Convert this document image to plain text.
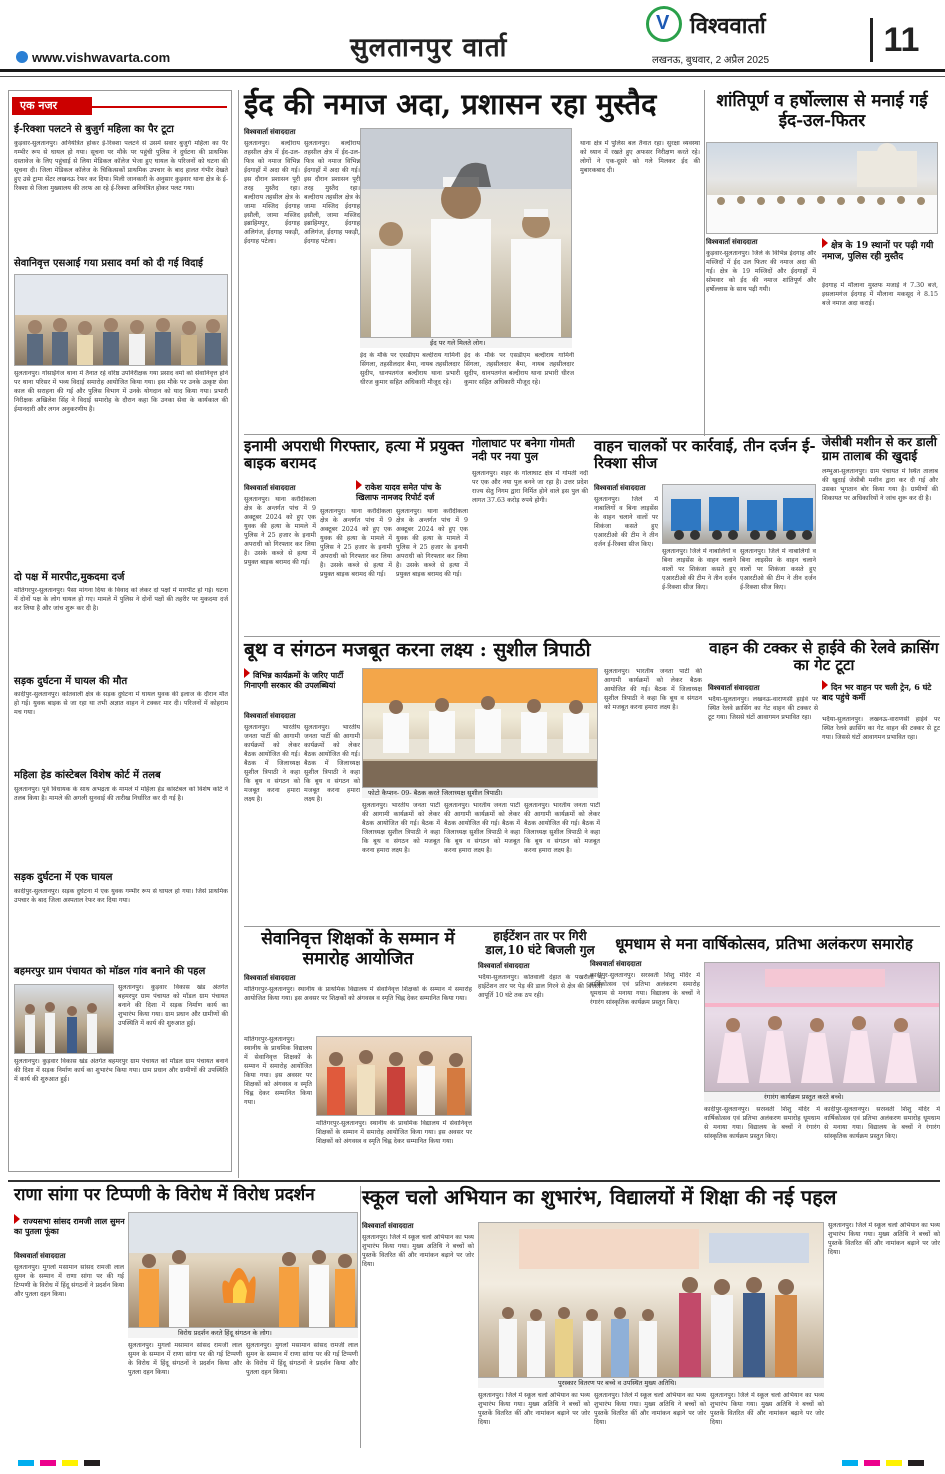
www.vishwavarta.com	सुलतानपुर वार्ता
V विश्ववार्ता
लखनऊ, बुधवार, 2 अप्रैल 2025
11
एक नजर
ई-रिक्शा पलटने से बुजुर्ग महिला का पैर टूटा
कुड़वार-सुलतानपुर। अनियंत्रित होकर ई-रिक्शा पलटने से उसमें सवार बुजुर्ग महिला का पैर गम्भीर रूप से घायल हो गया। सूचना पर मौके पर पहुंची पुलिस ने दुर्घटना की प्राथमिक दस्तावेज के लिए पहुंचाई से लिया मेडिकल कॉलेज भेजा हुए घायल के परिजनों को घटना की सूचना दी। जिला मेडिकल कॉलेज के चिकित्सकों प्राथमिक उपचार के बाद हालत गंभीर देखते हुए उसे ट्रामा सेंटर लखनऊ रेफर कर दिया। मिली जानकारी के अनुसार कुड़वार थाना क्षेत्र के ई-रिक्शा से जिला मुख्यालय की तरफ आ रहे ई-रिक्शा अनियंत्रित होकर पलट गया।
सेवानिवृत्त एसआई गया प्रसाद वर्मा को दी गई विदाई
सुलतानपुर। गोसाईंगंज थाना में तैनात रहे वरिष्ठ उपनिरीक्षक गया प्रसाद वर्मा को सेवानिवृत्त होने पर थाना परिसर में भव्य विदाई समारोह आयोजित किया गया। इस मौके पर उनके उत्कृष्ट सेवा काल की सराहना की गई और पुलिस विभाग में उनके योगदान को याद किया गया। प्रभारी निरीक्षक अखिलेश सिंह ने विदाई समारोह के दौरान कहा कि उनका सेवा के कार्यकाल की ईमानदारी और लगन अनुकरणीय है।
दो पक्ष में मारपीट,मुकदमा दर्ज
मोतिगरपुर-सुलतानपुर। पैसा मांगना दिया के विवाद को लेकर दो पक्षों में मारपीट हो गई। घटना में दोनों पक्ष के लोग घायल हो गए। मामले में पुलिस ने दोनों पक्षों की तहरीर पर मुकदमा दर्ज कर लिया है और जांच शुरू कर दी है।
सड़क दुर्घटना में घायल की मौत
कादीपुर-सुलतानपुर। कोतवाली क्षेत्र के सड़क दुर्घटना में घायल युवक की इलाज के दौरान मौत हो गई। युवक बाइक से जा रहा था तभी अज्ञात वाहन ने टक्कर मार दी। परिजनों में कोहराम मच गया।
महिला हेड कांस्टेबल विशेष कोर्ट में तलब
सुलतानपुर। पूर्व विधायक के साथ अभद्रता के मामले में महिला हेड कांस्टेबल को विशेष कोर्ट ने तलब किया है। मामले की अगली सुनवाई की तारीख निर्धारित कर दी गई है।
सड़क दुर्घटना में एक घायल
कादीपुर-सुलतानपुर। सड़क दुर्घटना में एक युवक गम्भीर रूप से घायल हो गया। जिसे प्राथमिक उपचार के बाद जिला अस्पताल रेफर कर दिया गया।
बहमरपुर ग्राम पंचायत को मॉडल गांव बनाने की पहल
सुलतानपुर। कुड़वार विकास खंड अंतर्गत बहमरपुर ग्राम पंचायत को मॉडल ग्राम पंचायत बनाने की दिशा में सड़क निर्माण कार्य का शुभारंभ किया गया। ग्राम प्रधान और ग्रामीणों की उपस्थिति में कार्य की शुरुआत हुई।
सुलतानपुर। कुड़वार विकास खंड अंतर्गत बहमरपुर ग्राम पंचायत को मॉडल ग्राम पंचायत बनाने की दिशा में सड़क निर्माण कार्य का शुभारंभ किया गया। ग्राम प्रधान और ग्रामीणों की उपस्थिति में कार्य की शुरुआत हुई।
ईद की नमाज अदा, प्रशासन रहा मुस्तैद
विश्ववार्ता संवाददाता
सुलतानपुर। बल्दीराय तहसील क्षेत्र में ईद-उल-फित्र को नमाज विभिन्न ईदगाहों में अदा की गई। इस दौरान प्रशासन पूरी तरह मुस्तैद रहा। बल्दीराय तहसील क्षेत्र के जामा मस्जिद ईदगाह इसौली, जामा मस्जिद इब्राहिमपुर, ईदगाह अलिगंज, ईदगाह पकड़ी, ईदगाह पटेला।
सुलतानपुर। बल्दीराय तहसील क्षेत्र में ईद-उल-फित्र को नमाज विभिन्न ईदगाहों में अदा की गई। इस दौरान प्रशासन पूरी तरह मुस्तैद रहा। बल्दीराय तहसील क्षेत्र के जामा मस्जिद ईदगाह इसौली, जामा मस्जिद इब्राहिमपुर, ईदगाह अलिगंज, ईदगाह पकड़ी, ईदगाह पटेला।
ईद पर गले मिलते लोग।
ईद के मौके पर एसडीएम बल्दीराय गामिनी सिंगला, तहसीलदार बैमा, नायब तहसीलदार सुदीप, धानपतगंज बल्दीराय थाना प्रभारी धीरज कुमार सहित अधिकारी मौजूद रहे।
ईद के मौके पर एसडीएम बल्दीराय गामिनी सिंगला, तहसीलदार बैमा, नायब तहसीलदार सुदीप, धानपतगंज बल्दीराय थाना प्रभारी धीरज कुमार सहित अधिकारी मौजूद रहे।
थाना क्षेत्र में पुलिस बल तैनात रहा। सुरक्षा व्यवस्था को ध्यान में रखते हुए अफसर निरीक्षण करते रहे। लोगों ने एक-दूसरे को गले मिलकर ईद की मुबारकबाद दी।
शांतिपूर्ण व हर्षोल्लास से मनाई गई ईद-उल-फितर
विश्ववार्ता संवाददाता
कुड़वार-सुलतानपुर। जिले के विभिन्न ईदगाह और मस्जिदों में ईद उल फितर की नमाज अदा की गई। क्षेत्र के 19 मस्जिदों और ईदगाहों में सोमवार को ईद की नमाज शांतिपूर्ण और हर्षोल्लास के साथ पढ़ी गयी।
क्षेत्र के 19 स्थानों पर पढ़ी गयी नमाज, पुलिस रही मुस्तैद
ईदगाह में मौलाना मुस्तफ मजाई ने 7.30 बजे, इसलामगंज ईदगाह में मौलाना मकसूद ने 8.15 बजे नमाज अदा कराई।
जेसीबी मशीन से कर डाली ग्राम तालाब की खुदाई
लम्भुआ-सुलतानपुर। ग्राम पंचायत में स्थित तालाब की खुदाई जेसीबी मशीन द्वारा कर दी गई और उसका भूगतान बोर किया गया है। ग्रामीणों की शिकायत पर अधिकारियों ने जांच शुरू कर दी है।
इनामी अपराधी गिरफ्तार, हत्या में प्रयुक्त बाइक बरामद
विश्ववार्ता संवाददाता	राकेश यादव समेत पांच के खिलाफ नामजद रिपोर्ट दर्ज
सुलतानपुर। थाना करौदीकला क्षेत्र के अन्तर्गत पांच में 9 अक्टूबर 2024 को हुए एक युवक की हत्या के मामले में पुलिस ने 25 हजार के इनामी अपराधी को गिरफ्तार कर लिया है। उसके कब्जे से हत्या में प्रयुक्त बाइक बरामद की गई।
सुलतानपुर। थाना करौदीकला क्षेत्र के अन्तर्गत पांच में 9 अक्टूबर 2024 को हुए एक युवक की हत्या के मामले में पुलिस ने 25 हजार के इनामी अपराधी को गिरफ्तार कर लिया है। उसके कब्जे से हत्या में प्रयुक्त बाइक बरामद की गई।
सुलतानपुर। थाना करौदीकला क्षेत्र के अन्तर्गत पांच में 9 अक्टूबर 2024 को हुए एक युवक की हत्या के मामले में पुलिस ने 25 हजार के इनामी अपराधी को गिरफ्तार कर लिया है। उसके कब्जे से हत्या में प्रयुक्त बाइक बरामद की गई।
गोलाघाट पर बनेगा गोमती नदी पर नया पुल
सुलतानपुर। शहर के गोलाघाट क्षेत्र में गोमती नदी पर एक और नया पुल बनने जा रहा है। उत्तर प्रदेश राज्य सेतु निगम द्वारा निर्मित होने वाले इस पुल की लागत 37.63 करोड़ रुपये होगी।
वाहन चालकों पर कार्रवाई, तीन दर्जन ई-रिक्शा सीज
विश्ववार्ता संवाददाता
सुलतानपुर। जिले में नाबालिगों व बिना लाइसेंस के वाहन चलाने वालों पर शिकंजा कसते हुए एआरटीओ की टीम ने तीन दर्जन ई-रिक्शा सीज किए।
सुलतानपुर। जिले में नाबालिगों व बिना लाइसेंस के वाहन चलाने वालों पर शिकंजा कसते हुए एआरटीओ की टीम ने तीन दर्जन ई-रिक्शा सीज किए।
सुलतानपुर। जिले में नाबालिगों व बिना लाइसेंस के वाहन चलाने वालों पर शिकंजा कसते हुए एआरटीओ की टीम ने तीन दर्जन ई-रिक्शा सीज किए।
बूथ व संगठन मजबूत करना लक्ष्य : सुशील त्रिपाठी
विभिन्न कार्यक्रमों के जरिए पार्टी गिनाएगी सरकार की उपलब्धियां
विश्ववार्ता संवाददाता
सुलतानपुर। भारतीय जनता पार्टी की आगामी कार्यक्रमों को लेकर बैठक आयोजित की गई। बैठक में जिलाध्यक्ष सुशील त्रिपाठी ने कहा कि बूथ व संगठन को मजबूत करना हमारा लक्ष्य है।
सुलतानपुर। भारतीय जनता पार्टी की आगामी कार्यक्रमों को लेकर बैठक आयोजित की गई। बैठक में जिलाध्यक्ष सुशील त्रिपाठी ने कहा कि बूथ व संगठन को मजबूत करना हमारा लक्ष्य है।
फोटो कैप्शन- 09- बैठक करते जिलाध्यक्ष सुशील त्रिपाठी।
सुलतानपुर। भारतीय जनता पार्टी की आगामी कार्यक्रमों को लेकर बैठक आयोजित की गई। बैठक में जिलाध्यक्ष सुशील त्रिपाठी ने कहा कि बूथ व संगठन को मजबूत करना हमारा लक्ष्य है।
सुलतानपुर। भारतीय जनता पार्टी की आगामी कार्यक्रमों को लेकर बैठक आयोजित की गई। बैठक में जिलाध्यक्ष सुशील त्रिपाठी ने कहा कि बूथ व संगठन को मजबूत करना हमारा लक्ष्य है।
सुलतानपुर। भारतीय जनता पार्टी की आगामी कार्यक्रमों को लेकर बैठक आयोजित की गई। बैठक में जिलाध्यक्ष सुशील त्रिपाठी ने कहा कि बूथ व संगठन को मजबूत करना हमारा लक्ष्य है।
सुलतानपुर। भारतीय जनता पार्टी की आगामी कार्यक्रमों को लेकर बैठक आयोजित की गई। बैठक में जिलाध्यक्ष सुशील त्रिपाठी ने कहा कि बूथ व संगठन को मजबूत करना हमारा लक्ष्य है।
वाहन की टक्कर से हाईवे की रेलवे क्रासिंग का गेट टूटा
विश्ववार्ता संवाददाता	दिन भर वाहन पर चली ट्रेन, 6 घंटे बाद पहुंचे कर्मी
भदैया-सुलतानपुर। लखनऊ-वाराणसी हाईवे पर स्थित रेलवे क्रासिंग का गेट वाहन की टक्कर से टूट गया। जिससे घंटों आवागमन प्रभावित रहा।	भदैया-सुलतानपुर। लखनऊ-वाराणसी हाईवे पर स्थित रेलवे क्रासिंग का गेट वाहन की टक्कर से टूट गया। जिससे घंटों आवागमन प्रभावित रहा।
सेवानिवृत्त शिक्षकों के सम्मान में समारोह आयोजित
विश्ववार्ता संवाददाता
मोतिगरपुर-सुलतानपुर। स्थानीय के प्राथमिक विद्यालय में सेवानिवृत्त शिक्षकों के सम्मान में समारोह आयोजित किया गया। इस अवसर पर शिक्षकों को अंगवस्त्र व स्मृति चिह्न देकर सम्मानित किया गया।
मोतिगरपुर-सुलतानपुर। स्थानीय के प्राथमिक विद्यालय में सेवानिवृत्त शिक्षकों के सम्मान में समारोह आयोजित किया गया। इस अवसर पर शिक्षकों को अंगवस्त्र व स्मृति चिह्न देकर सम्मानित किया गया।
मोतिगरपुर-सुलतानपुर। स्थानीय के प्राथमिक विद्यालय में सेवानिवृत्त शिक्षकों के सम्मान में समारोह आयोजित किया गया। इस अवसर पर शिक्षकों को अंगवस्त्र व स्मृति चिह्न देकर सम्मानित किया गया।
हाईटेंशन तार पर गिरी डाल,10 घंटे बिजली गुल
विश्ववार्ता संवाददाता
भदैया-सुलतानपुर। कोतवाली देहात के पखरौली में हाईटेंशन तार पर पेड़ की डाल गिरने से क्षेत्र की बिजली आपूर्ति 10 घंटे तक ठप रही।
धूमधाम से मना वार्षिकोत्सव, प्रतिभा अलंकरण समारोह
विश्ववार्ता संवाददाता
कादीपुर-सुलतानपुर। सरस्वती शिशु मंदिर में वार्षिकोत्सव एवं प्रतिभा अलंकरण समारोह धूमधाम से मनाया गया। विद्यालय के बच्चों ने रंगारंग सांस्कृतिक कार्यक्रम प्रस्तुत किए।
रंगारंग कार्यक्रम प्रस्तुत करते बच्चे।
कादीपुर-सुलतानपुर। सरस्वती शिशु मंदिर में वार्षिकोत्सव एवं प्रतिभा अलंकरण समारोह धूमधाम से मनाया गया। विद्यालय के बच्चों ने रंगारंग सांस्कृतिक कार्यक्रम प्रस्तुत किए।
कादीपुर-सुलतानपुर। सरस्वती शिशु मंदिर में वार्षिकोत्सव एवं प्रतिभा अलंकरण समारोह धूमधाम से मनाया गया। विद्यालय के बच्चों ने रंगारंग सांस्कृतिक कार्यक्रम प्रस्तुत किए।
राणा सांगा पर टिप्पणी के विरोध में विरोध प्रदर्शन
राज्यसभा सांसद रामजी लाल सुमन का पुतला फूंका
विश्ववार्ता संवाददाता
सुलतानपुर। मुगलों मसामान सांसद रामजी लाल सुमन के सम्मान में राणा सांगा पर की गई टिप्पणी के विरोध में हिंदू संगठनों ने प्रदर्शन किया और पुतला दहन किया।
विरोध प्रदर्शन करते हिंदू संगठन के लोग।
सुलतानपुर। मुगलों मसामान सांसद रामजी लाल सुमन के सम्मान में राणा सांगा पर की गई टिप्पणी के विरोध में हिंदू संगठनों ने प्रदर्शन किया और पुतला दहन किया।
सुलतानपुर। मुगलों मसामान सांसद रामजी लाल सुमन के सम्मान में राणा सांगा पर की गई टिप्पणी के विरोध में हिंदू संगठनों ने प्रदर्शन किया और पुतला दहन किया।
स्कूल चलो अभियान का शुभारंभ, विद्यालयों में शिक्षा की नई पहल
विश्ववार्ता संवाददाता
सुलतानपुर। जिले में स्कूल चलो अभियान का भव्य शुभारंभ किया गया। मुख्य अतिथि ने बच्चों को पुस्तकें वितरित कीं और नामांकन बढ़ाने पर जोर दिया।
पुरस्कार वितरण पर बच्चे व उपस्थित मुख्य अतिथि।
सुलतानपुर। जिले में स्कूल चलो अभियान का भव्य शुभारंभ किया गया। मुख्य अतिथि ने बच्चों को पुस्तकें वितरित कीं और नामांकन बढ़ाने पर जोर दिया।
सुलतानपुर। जिले में स्कूल चलो अभियान का भव्य शुभारंभ किया गया। मुख्य अतिथि ने बच्चों को पुस्तकें वितरित कीं और नामांकन बढ़ाने पर जोर दिया।
सुलतानपुर। जिले में स्कूल चलो अभियान का भव्य शुभारंभ किया गया। मुख्य अतिथि ने बच्चों को पुस्तकें वितरित कीं और नामांकन बढ़ाने पर जोर दिया।
सुलतानपुर। जिले में स्कूल चलो अभियान का भव्य शुभारंभ किया गया। मुख्य अतिथि ने बच्चों को पुस्तकें वितरित कीं और नामांकन बढ़ाने पर जोर दिया।
